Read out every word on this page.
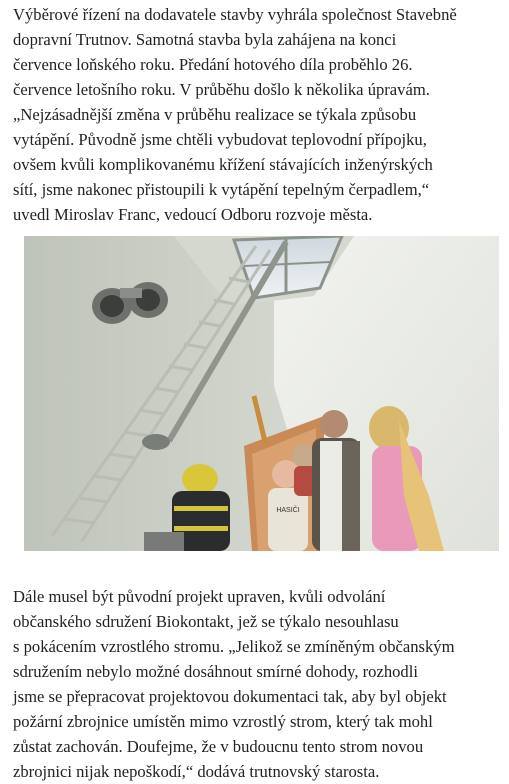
Výběrové řízení na dodavatele stavby vyhrála společnost Stavebně
dopravní Trutnov. Samotná stavba byla zahájena na konci
července loňského roku. Předání hotového díla proběhlo 26.
července letošního roku. V průběhu došlo k několika úpravám.
„Nejzásadnější změna v průběhu realizace se týkala způsobu
vytápění. Původně jsme chtěli vybudovat teplovodní přípojku,
ovšem kvůli komplikovanému křížení stávajících inženýrských
sítí, jsme nakonec přistoupili k vytápění tepelným čerpadlem,“
uvedl Miroslav Franc, vedoucí Odboru rozvoje města.

HASIČI

Dále musel být původní projekt upraven, kvůli odvolání
občanského sdružení Biokontakt, jež se týkalo nesouhlasu
s pokácením vzrostlého stromu. „Jelikož se zmíněným občanským
sdružením nebylo možné dosáhnout smírné dohody, rozhodli
jsme se přepracovat projektovou dokumentaci tak, aby byl objekt
požární zbrojnice umístěn mimo vzrostlý strom, který tak mohl
zůstat zachován. Doufejme, že v budoucnu tento strom novou
zbrojnici nijak nepoškodí,“ dodává trutnovský starosta.
